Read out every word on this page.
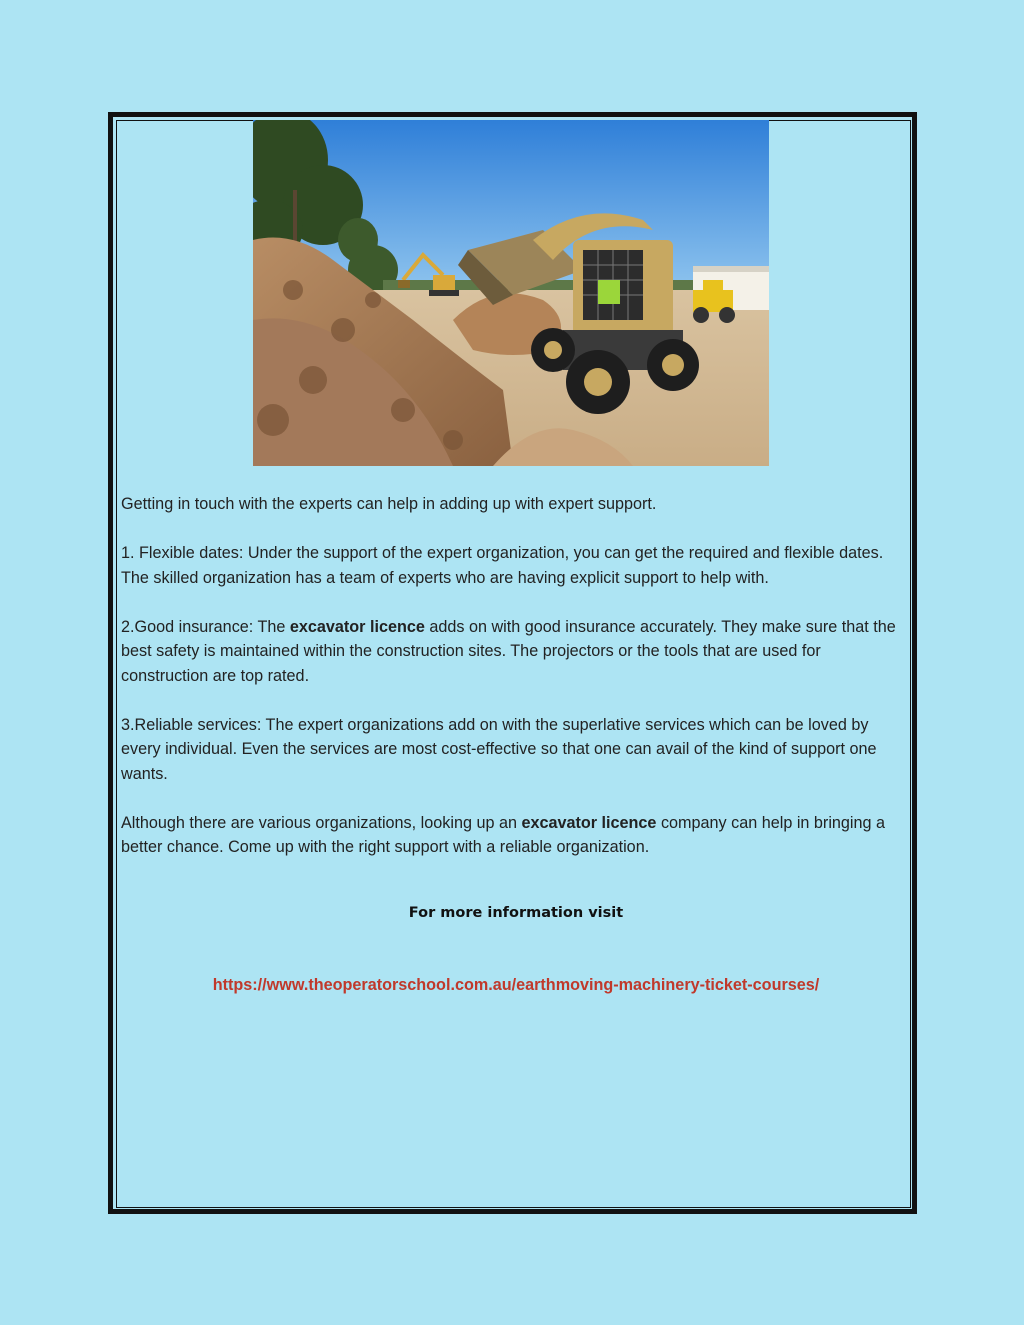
Getting in touch with the experts can help in adding up with expert support.

1. Flexible dates: Under the support of the expert organization, you can get the required and flexible dates. The skilled organization has a team of experts who are having explicit support to help with.

2.Good insurance: The excavator licence adds on with good insurance accurately. They make sure that the best safety is maintained within the construction sites. The projectors or the tools that are used for construction are top rated.

3.Reliable services: The expert organizations add on with the superlative services which can be loved by every individual. Even the services are most cost-effective so that one can avail of the kind of support one wants.

Although there are various organizations, looking up an excavator licence company can help in bringing a better chance. Come up with the right support with a reliable organization.

For more information visit
https://www.theoperatorschool.com.au/earthmoving-machinery-ticket-courses/
